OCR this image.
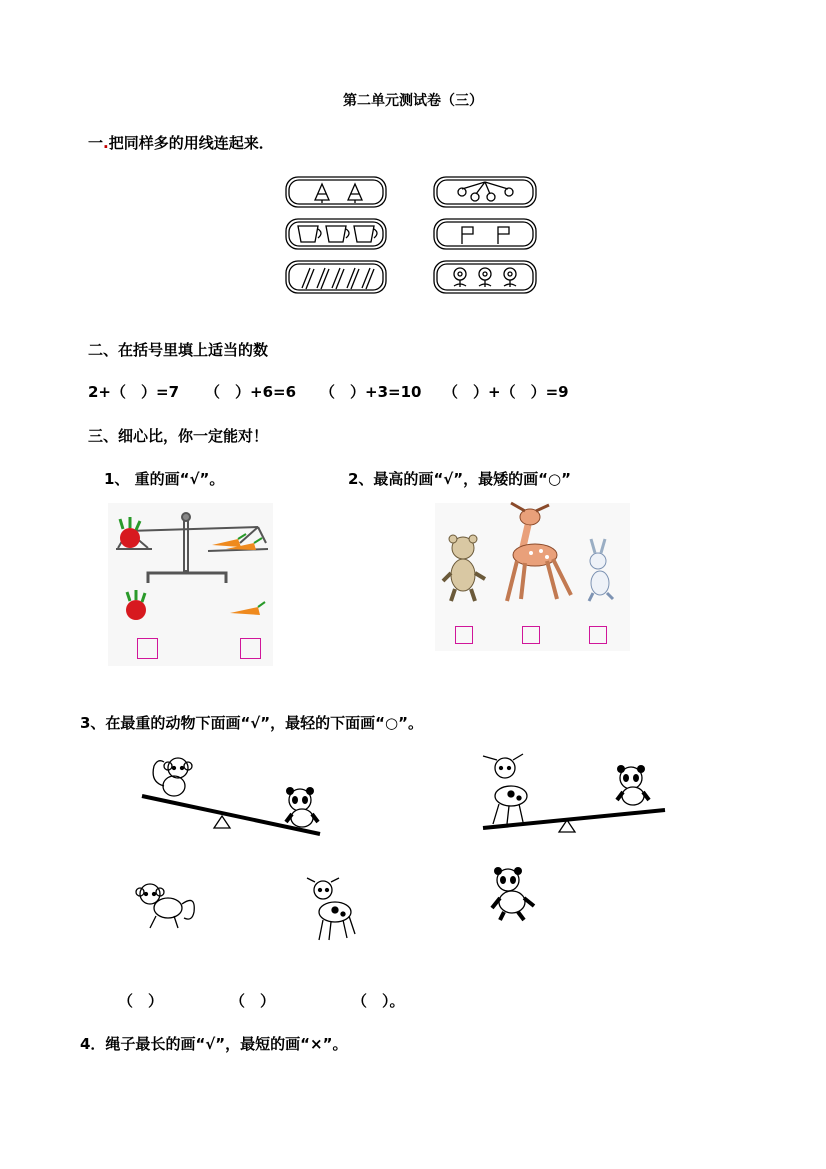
第二单元测试卷（三）
一.把同样多的用线连起来．
二、在括号里填上适当的数
2+（　）=7 （　）+6=6 （　）+3=10 （　）+（　）=9
三、细心比，你一定能对！
1、 重的画“√”。	2、最高的画“√”，最矮的画“○”
3、在最重的动物下面画“√”，最轻的下面画“○”。
（　）	（　）	（　）。
4．绳子最长的画“√”，最短的画“×”。
